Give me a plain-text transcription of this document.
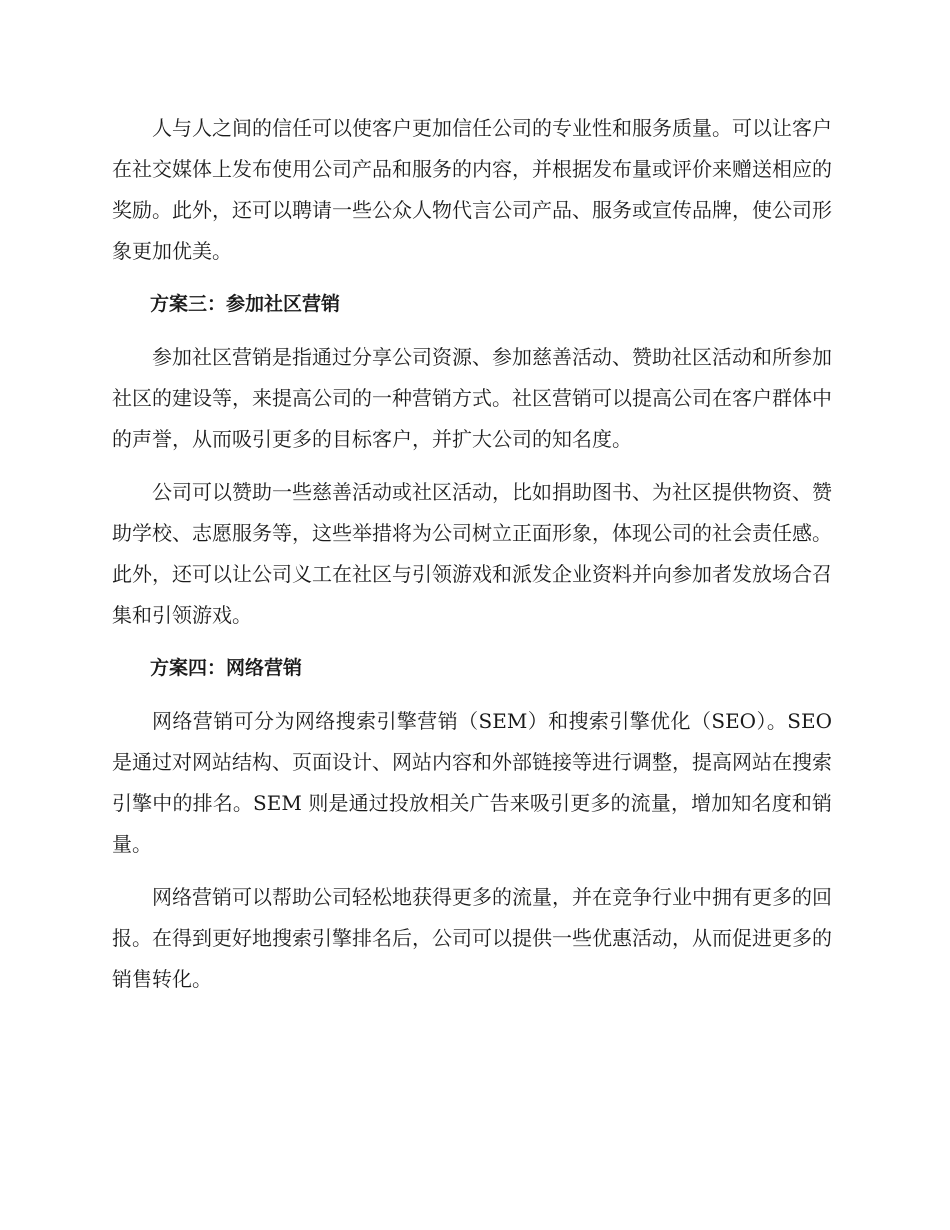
人与人之间的信任可以使客户更加信任公司的专业性和服务质量。可以让客户在社交媒体上发布使用公司产品和服务的内容，并根据发布量或评价来赠送相应的奖励。此外，还可以聘请一些公众人物代言公司产品、服务或宣传品牌，使公司形象更加优美。

方案三：参加社区营销

参加社区营销是指通过分享公司资源、参加慈善活动、赞助社区活动和所参加社区的建设等，来提高公司的一种营销方式。社区营销可以提高公司在客户群体中的声誉，从而吸引更多的目标客户，并扩大公司的知名度。

公司可以赞助一些慈善活动或社区活动，比如捐助图书、为社区提供物资、赞助学校、志愿服务等，这些举措将为公司树立正面形象，体现公司的社会责任感。此外，还可以让公司义工在社区与引领游戏和派发企业资料并向参加者发放场合召集和引领游戏。

方案四：网络营销

网络营销可分为网络搜索引擎营销（SEM）和搜索引擎优化（SEO）。SEO 是通过对网站结构、页面设计、网站内容和外部链接等进行调整，提高网站在搜索引擎中的排名。SEM 则是通过投放相关广告来吸引更多的流量，增加知名度和销量。

网络营销可以帮助公司轻松地获得更多的流量，并在竞争行业中拥有更多的回报。在得到更好地搜索引擎排名后，公司可以提供一些优惠活动，从而促进更多的销售转化。
